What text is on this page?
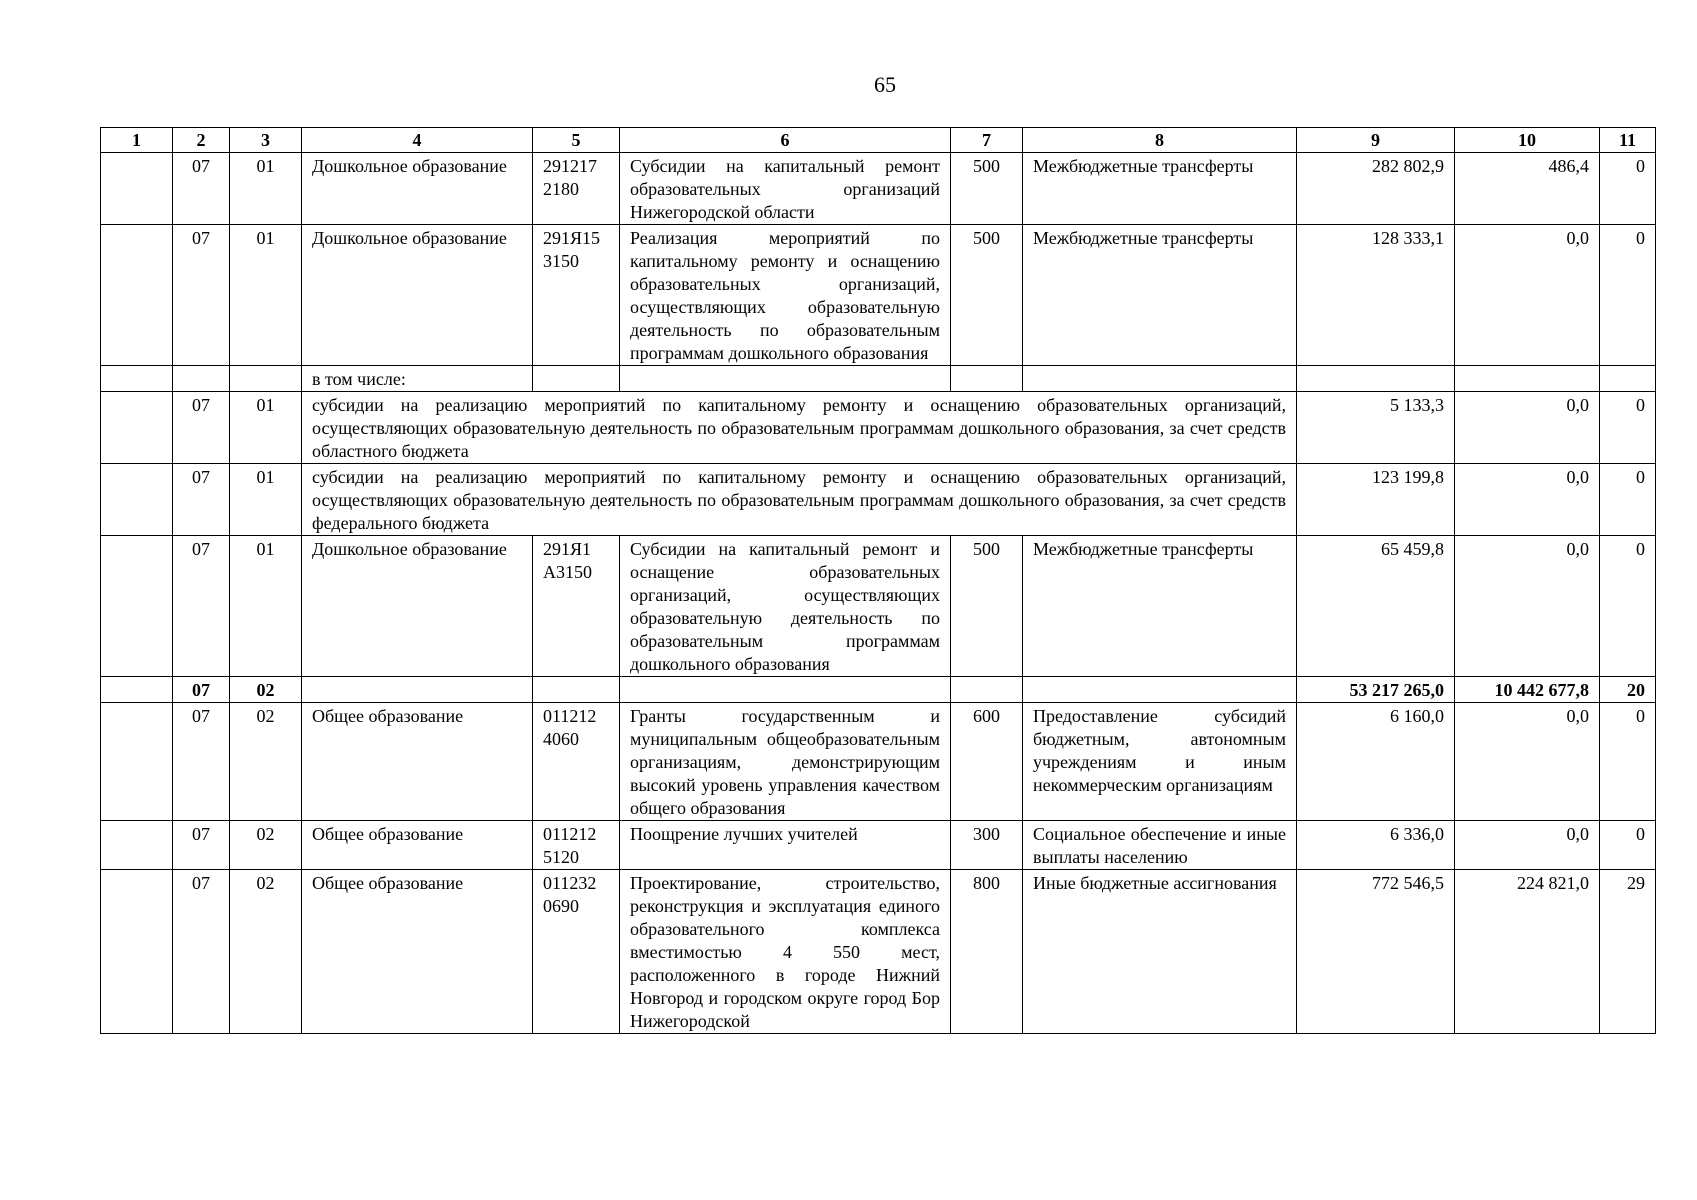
65
1	2	3	4	5	6	7	8	9	10	11
	07	01	Дошкольное образование	291217 2180	Субсидии на капитальный ремонт образовательных организаций Нижегородской области	500	Межбюджетные трансферты	282 802,9	486,4	0
	07	01	Дошкольное образование	291Я15 3150	Реализация мероприятий по капитальному ремонту и оснащению образовательных организаций, осуществляющих образовательную деятельность по образовательным программам дошкольного образования	500	Межбюджетные трансферты	128 333,1	0,0	0
			в том числе:							
	07	01	субсидии на реализацию мероприятий по капитальному ремонту и оснащению образовательных организаций, осуществляющих образовательную деятельность по образовательным программам дошкольного образования, за счет средств областного бюджета					5 133,3	0,0	0
	07	01	субсидии на реализацию мероприятий по капитальному ремонту и оснащению образовательных организаций, осуществляющих образовательную деятельность по образовательным программам дошкольного образования, за счет средств федерального бюджета					123 199,8	0,0	0
	07	01	Дошкольное образование	291Я1 А3150	Субсидии на капитальный ремонт и оснащение образовательных организаций, осуществляющих образовательную деятельность по образовательным программам дошкольного образования	500	Межбюджетные трансферты	65 459,8	0,0	0
	07	02						53 217 265,0	10 442 677,8	20
	07	02	Общее образование	011212 4060	Гранты государственным и муниципальным общеобразовательным организациям, демонстрирующим высокий уровень управления качеством общего образования	600	Предоставление субсидий бюджетным, автономным учреждениям и иным некоммерческим организациям	6 160,0	0,0	0
	07	02	Общее образование	011212 5120	Поощрение лучших учителей	300	Социальное обеспечение и иные выплаты населению	6 336,0	0,0	0
	07	02	Общее образование	011232 0690	Проектирование, строительство, реконструкция и эксплуатация единого образовательного комплекса вместимостью 4 550 мест, расположенного в городе Нижний Новгород и городском округе город Бор Нижегородской	800	Иные бюджетные ассигнования	772 546,5	224 821,0	29
